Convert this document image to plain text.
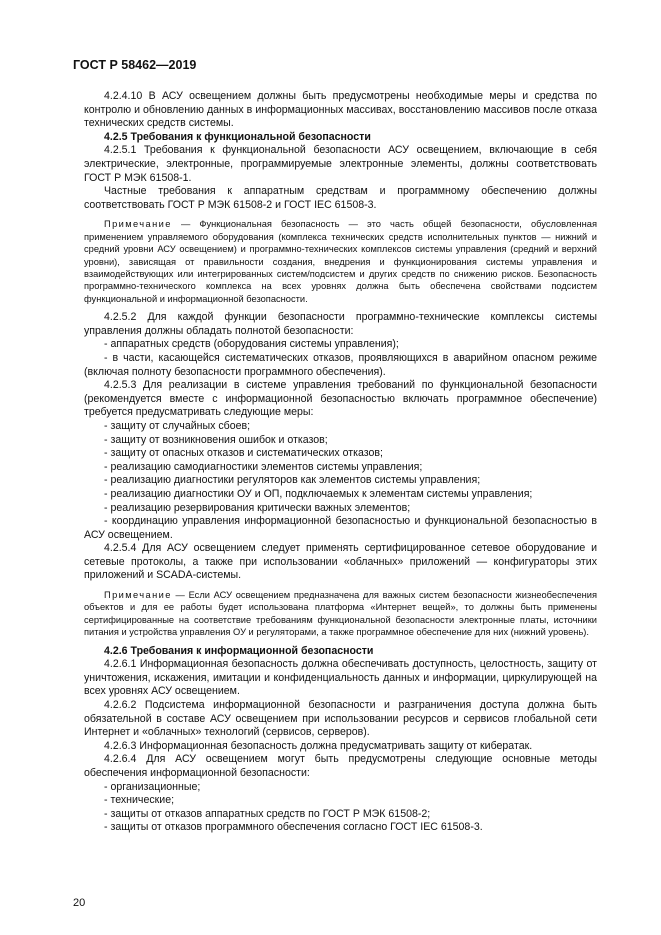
ГОСТ Р 58462—2019

4.2.4.10 В АСУ освещением должны быть предусмотрены необходимые меры и средства по контролю и обновлению данных в информационных массивах, восстановлению массивов после отказа технических средств системы.

4.2.5 Требования к функциональной безопасности

4.2.5.1 Требования к функциональной безопасности АСУ освещением, включающие в себя электрические, электронные, программируемые электронные элементы, должны соответствовать ГОСТ Р МЭК 61508-1.

Частные требования к аппаратным средствам и программному обеспечению должны соответствовать ГОСТ Р МЭК 61508-2 и ГОСТ IEC 61508-3.

Примечание — Функциональная безопасность — это часть общей безопасности, обусловленная применением управляемого оборудования (комплекса технических средств исполнительных пунктов — нижний и средний уровни АСУ освещением) и программно-технических комплексов системы управления (средний и верхний уровни), зависящая от правильности создания, внедрения и функционирования системы управления и взаимодействующих или интегрированных систем/подсистем и других средств по снижению рисков. Безопасность программно-технического комплекса на всех уровнях должна быть обеспечена свойствами подсистем функциональной и информационной безопасности.

4.2.5.2 Для каждой функции безопасности программно-технические комплексы системы управления должны обладать полнотой безопасности:

- аппаратных средств (оборудования системы управления);

- в части, касающейся систематических отказов, проявляющихся в аварийном опасном режиме (включая полноту безопасности программного обеспечения).

4.2.5.3 Для реализации в системе управления требований по функциональной безопасности (рекомендуется вместе с информационной безопасностью включать программное обеспечение) требуется предусматривать следующие меры:

- защиту от случайных сбоев;

- защиту от возникновения ошибок и отказов;

- защиту от опасных отказов и систематических отказов;

- реализацию самодиагностики элементов системы управления;

- реализацию диагностики регуляторов как элементов системы управления;

- реализацию диагностики ОУ и ОП, подключаемых к элементам системы управления;

- реализацию резервирования критически важных элементов;

- координацию управления информационной безопасностью и функциональной безопасностью в АСУ освещением.

4.2.5.4 Для АСУ освещением следует применять сертифицированное сетевое оборудование и сетевые протоколы, а также при использовании «облачных» приложений — конфигураторы этих приложений и SCADA-системы.

Примечание — Если АСУ освещением предназначена для важных систем безопасности жизнеобеспечения объектов и для ее работы будет использована платформа «Интернет вещей», то должны быть применены сертифицированные на соответствие требованиям функциональной безопасности электронные платы, источники питания и устройства управления ОУ и регуляторами, а также программное обеспечение для них (нижний уровень).

4.2.6 Требования к информационной безопасности

4.2.6.1 Информационная безопасность должна обеспечивать доступность, целостность, защиту от уничтожения, искажения, имитации и конфиденциальность данных и информации, циркулирующей на всех уровнях АСУ освещением.

4.2.6.2 Подсистема информационной безопасности и разграничения доступа должна быть обязательной в составе АСУ освещением при использовании ресурсов и сервисов глобальной сети Интернет и «облачных» технологий (сервисов, серверов).

4.2.6.3 Информационная безопасность должна предусматривать защиту от кибератак.

4.2.6.4 Для АСУ освещением могут быть предусмотрены следующие основные методы обеспечения информационной безопасности:

- организационные;

- технические;

- защиты от отказов аппаратных средств по ГОСТ Р МЭК 61508-2;

- защиты от отказов программного обеспечения согласно ГОСТ IEC 61508-3.

20
